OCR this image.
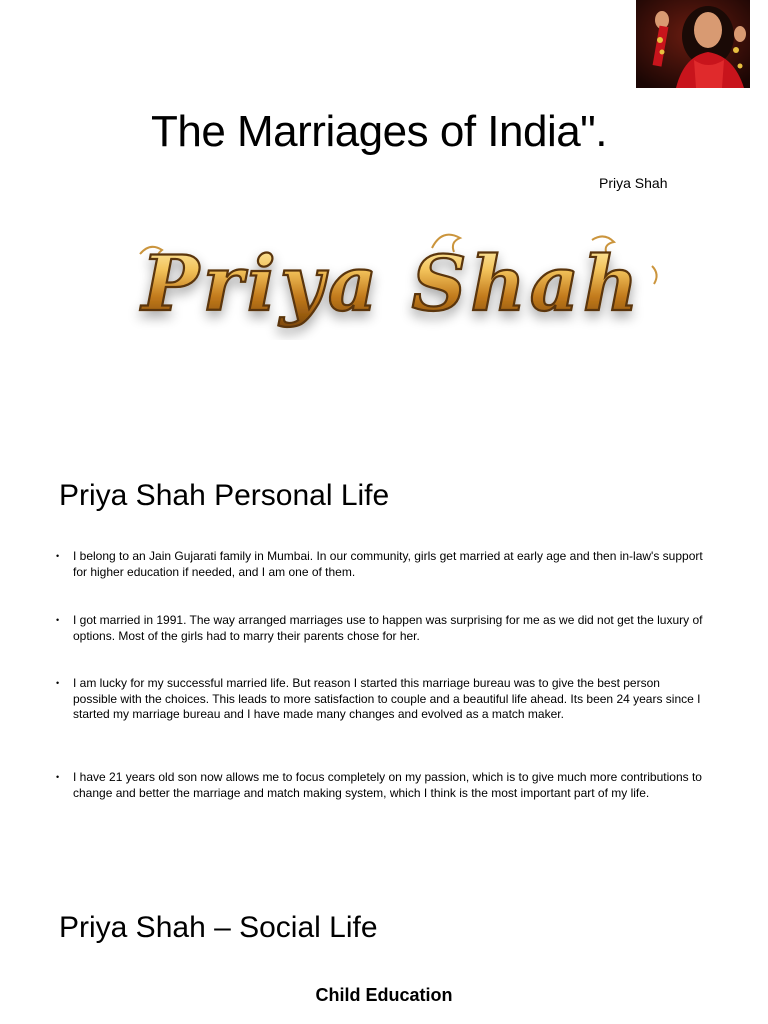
The Marriages of India".
Priya Shah
Priya Shah
Priya Shah Personal Life
• I belong to an Jain Gujarati family in Mumbai. In our community, girls get married at early age and then in-law's support for higher education if needed, and I am one of them.
• I got married in 1991. The way arranged marriages use to happen was surprising for me as we did not get the luxury of options. Most of the girls had to marry their parents chose for her.
• I am lucky for my successful married life. But reason I started this marriage bureau was to give the best person possible with the choices. This leads to more satisfaction to couple and a beautiful life ahead. Its been 24 years since I started my marriage bureau and I have made many changes and evolved as a match maker.
• I have 21 years old son now allows me to focus completely on my passion, which is to give much more contributions to change and better the marriage and match making system, which I think is the most important part of my life.
Priya Shah – Social Life
Child Education
